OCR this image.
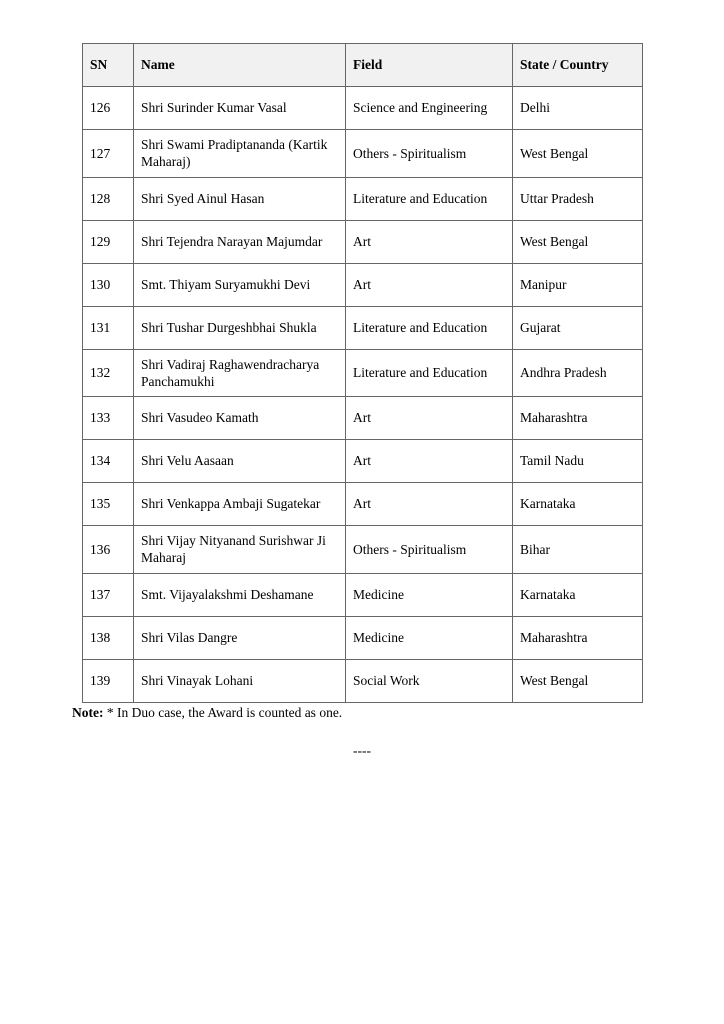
SN	Name	Field	State / Country
126	Shri Surinder Kumar Vasal	Science and Engineering	Delhi
127	Shri Swami Pradiptananda (Kartik Maharaj)	Others - Spiritualism	West Bengal
128	Shri Syed Ainul Hasan	Literature and Education	Uttar Pradesh
129	Shri Tejendra Narayan Majumdar	Art	West Bengal
130	Smt. Thiyam Suryamukhi Devi	Art	Manipur
131	Shri Tushar Durgeshbhai Shukla	Literature and Education	Gujarat
132	Shri Vadiraj Raghawendracharya Panchamukhi	Literature and Education	Andhra Pradesh
133	Shri Vasudeo Kamath	Art	Maharashtra
134	Shri Velu Aasaan	Art	Tamil Nadu
135	Shri Venkappa Ambaji Sugatekar	Art	Karnataka
136	Shri Vijay Nityanand Surishwar Ji Maharaj	Others - Spiritualism	Bihar
137	Smt. Vijayalakshmi Deshamane	Medicine	Karnataka
138	Shri Vilas Dangre	Medicine	Maharashtra
139	Shri Vinayak Lohani	Social Work	West Bengal
Note: * In Duo case, the Award is counted as one.
----
